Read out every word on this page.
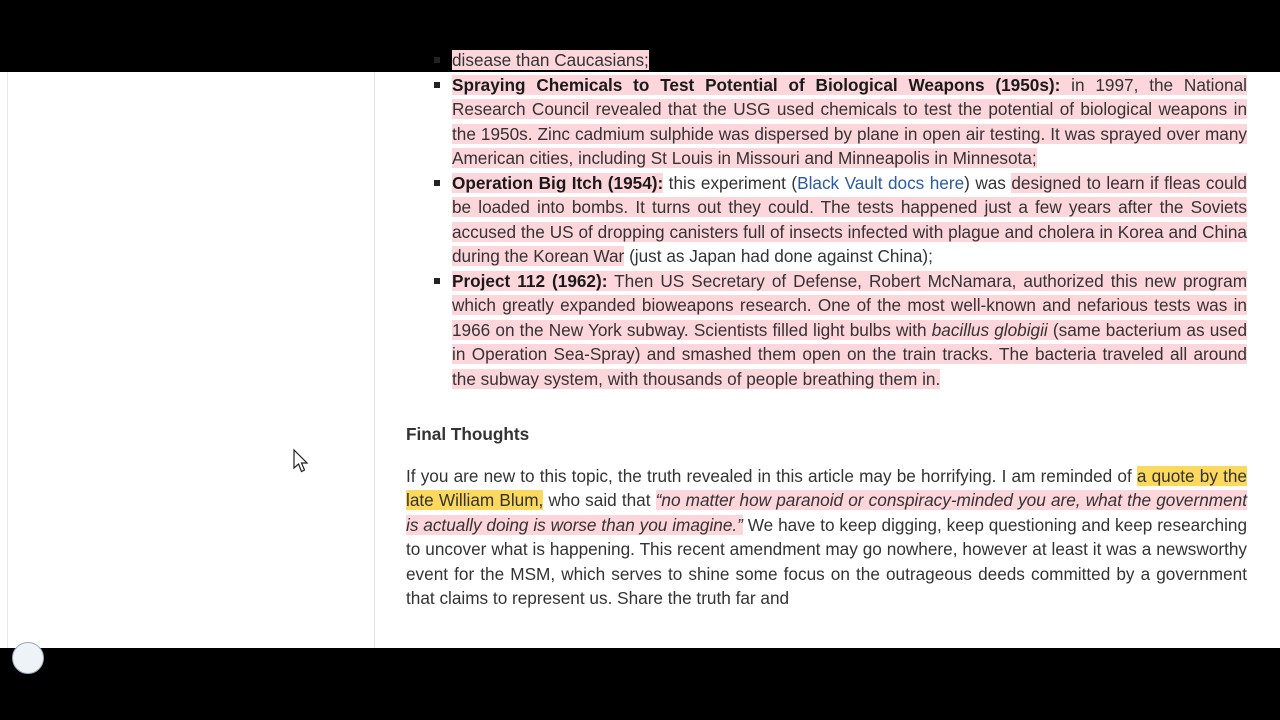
disease than Caucasians;
Spraying Chemicals to Test Potential of Biological Weapons (1950s): in 1997, the National Research Council revealed that the USG used chemicals to test the potential of biological weapons in the 1950s. Zinc cadmium sulphide was dispersed by plane in open air testing. It was sprayed over many American cities, including St Louis in Missouri and Minneapolis in Minnesota;
Operation Big Itch (1954): this experiment (Black Vault docs here) was designed to learn if fleas could be loaded into bombs. It turns out they could. The tests happened just a few years after the Soviets accused the US of dropping canisters full of insects infected with plague and cholera in Korea and China during the Korean War (just as Japan had done against China);
Project 112 (1962): Then US Secretary of Defense, Robert McNamara, authorized this new program which greatly expanded bioweapons research. One of the most well-known and nefarious tests was in 1966 on the New York subway. Scientists filled light bulbs with bacillus globigii (same bacterium as used in Operation Sea-Spray) and smashed them open on the train tracks. The bacteria traveled all around the subway system, with thousands of people breathing them in.
Final Thoughts

If you are new to this topic, the truth revealed in this article may be horrifying. I am reminded of a quote by the late William Blum, who said that “no matter how paranoid or conspiracy-minded you are, what the government is actually doing is worse than you imagine.” We have to keep digging, keep questioning and keep researching to uncover what is happening. This recent amendment may go nowhere, however at least it was a newsworthy event for the MSM, which serves to shine some focus on the outrageous deeds committed by a government that claims to represent us. Share the truth far and
